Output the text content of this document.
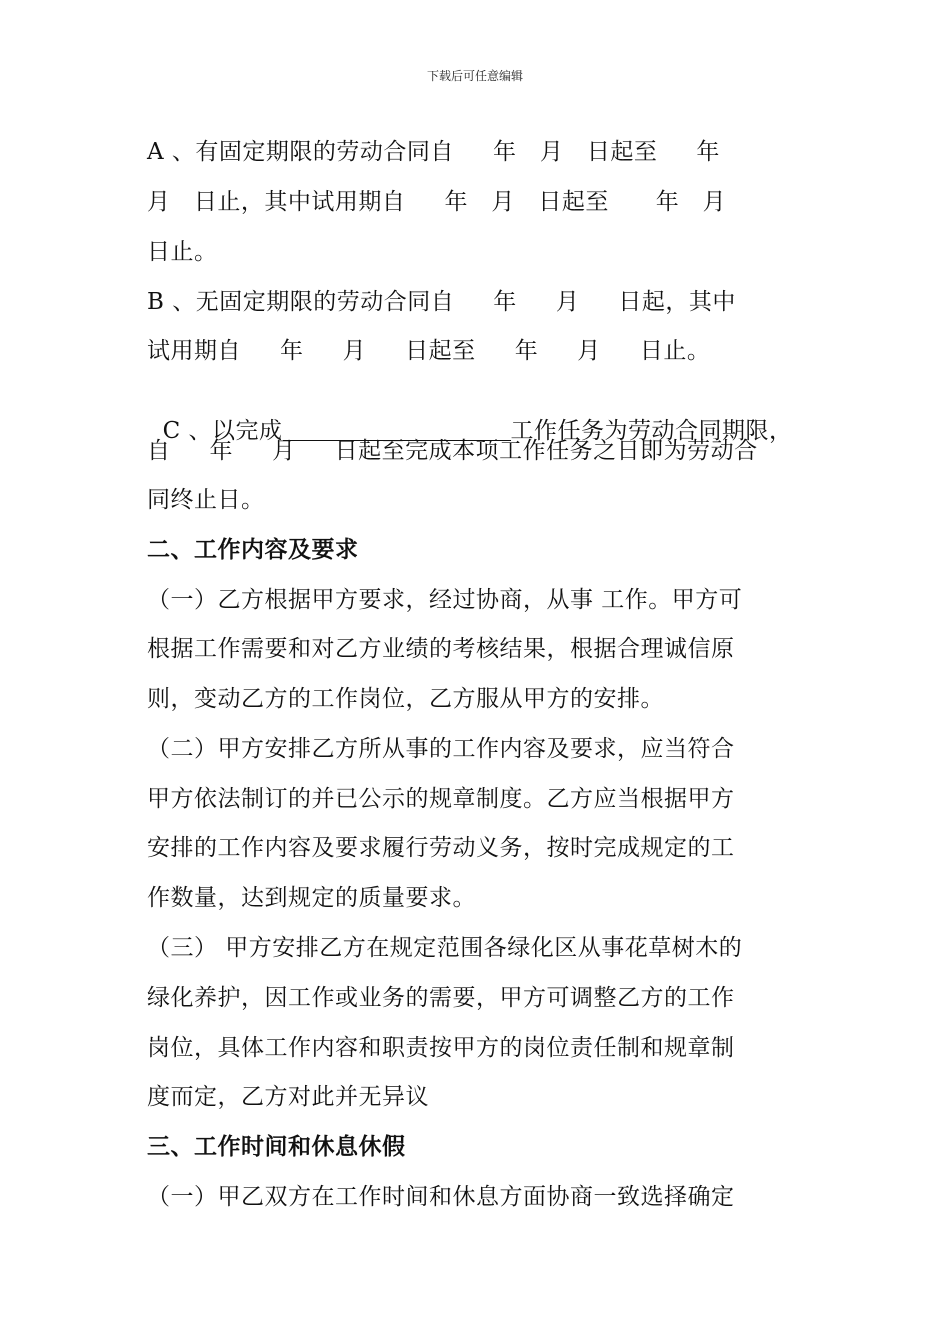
下载后可任意编辑
A 、有固定期限的劳动合同自     年   月   日起至     年
月   日止，其中试用期自     年   月   日起至      年   月
日止。
B 、无固定期限的劳动合同自     年     月     日起，其中
试用期自     年     月     日起至     年     月     日止。

C 、以完成	工作任务为劳动合同期限，

自     年     月     日起至完成本项工作任务之日即为劳动合
同终止日。
二、工作内容及要求
（一）乙方根据甲方要求，经过协商，从事 工作。甲方可
根据工作需要和对乙方业绩的考核结果，根据合理诚信原
则，变动乙方的工作岗位，乙方服从甲方的安排。
（二）甲方安排乙方所从事的工作内容及要求，应当符合
甲方依法制订的并已公示的规章制度。乙方应当根据甲方
安排的工作内容及要求履行劳动义务，按时完成规定的工
作数量，达到规定的质量要求。
（三） 甲方安排乙方在规定范围各绿化区从事花草树木的
绿化养护，因工作或业务的需要，甲方可调整乙方的工作
岗位，具体工作内容和职责按甲方的岗位责任制和规章制
度而定，乙方对此并无异议
三、工作时间和休息休假
（一）甲乙双方在工作时间和休息方面协商一致选择确定
